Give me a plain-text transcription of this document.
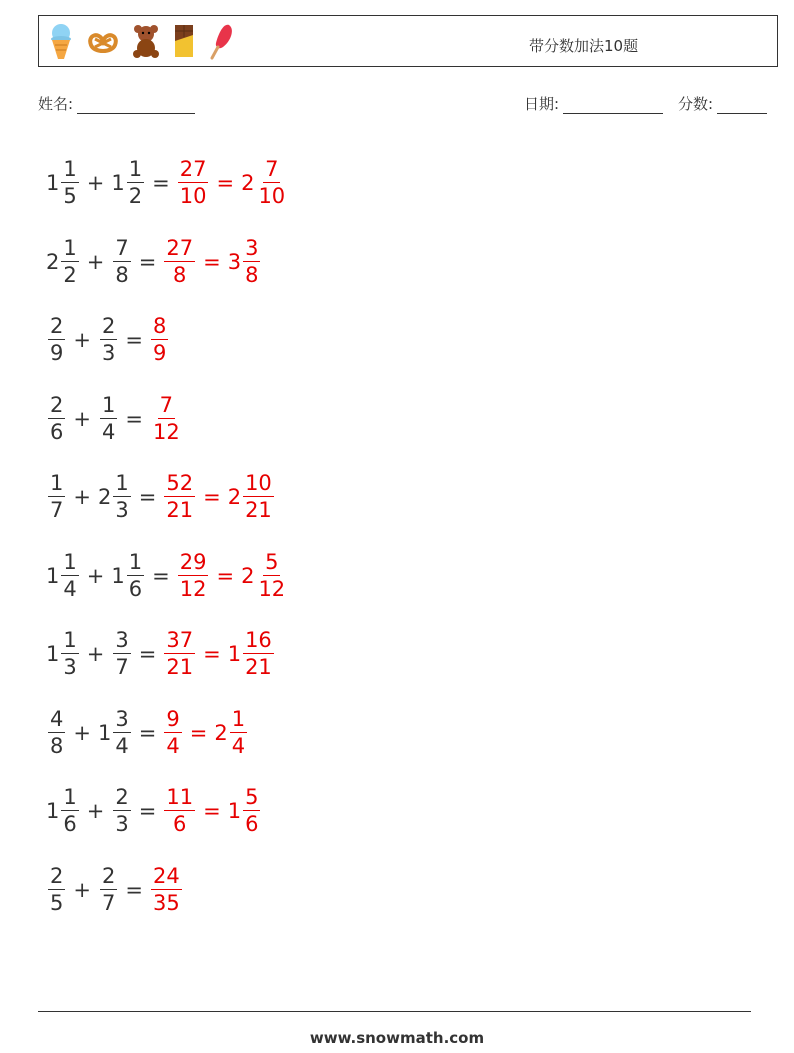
带分数加法10题
姓名:	日期:	分数:
$1 \frac{1}{5} + 1 \frac{1}{2} = \frac{27}{10} = 2 \frac{7}{10}$
$2 \frac{1}{2} + \frac{7}{8} = \frac{27}{8} = 3 \frac{3}{8}$
$\frac{2}{9} + \frac{2}{3} = \frac{8}{9}$
$\frac{2}{6} + \frac{1}{4} = \frac{7}{12}$
$\frac{1}{7} + 2 \frac{1}{3} = \frac{52}{21} = 2 \frac{10}{21}$
$1 \frac{1}{4} + 1 \frac{1}{6} = \frac{29}{12} = 2 \frac{5}{12}$
$1 \frac{1}{3} + \frac{3}{7} = \frac{37}{21} = 1 \frac{16}{21}$
$\frac{4}{8} + 1 \frac{3}{4} = \frac{9}{4} = 2 \frac{1}{4}$
$1 \frac{1}{6} + \frac{2}{3} = \frac{11}{6} = 1 \frac{5}{6}$
$\frac{2}{5} + \frac{2}{7} = \frac{24}{35}$
www.snowmath.com
